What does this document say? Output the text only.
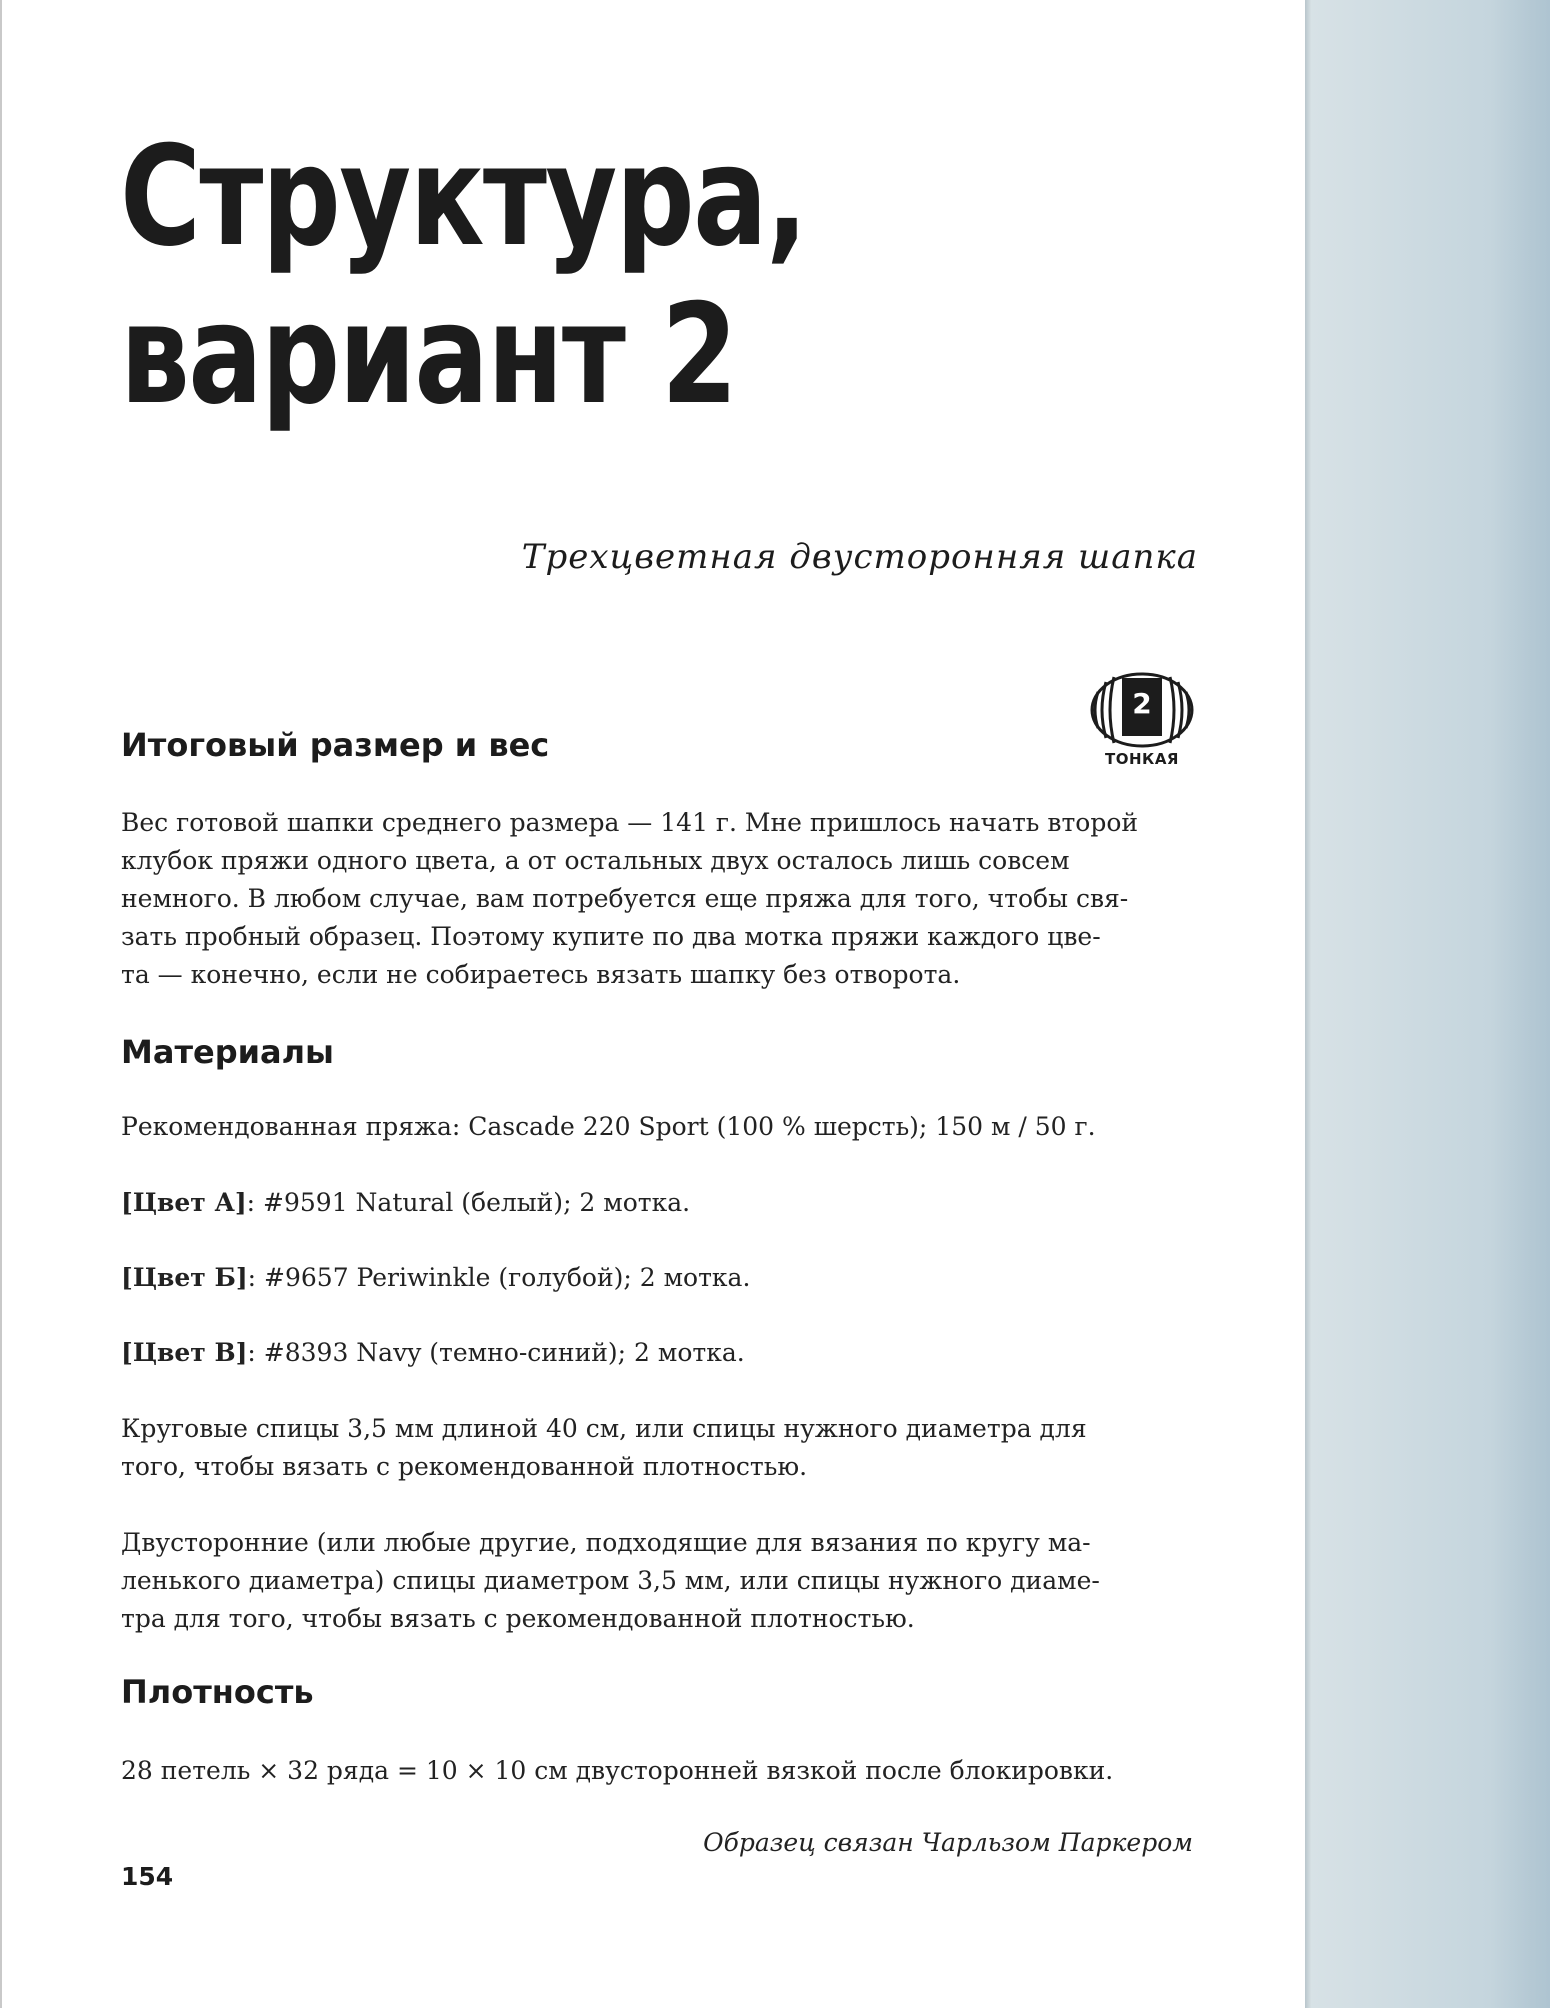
Структура,
вариант 2

Трехцветная двусторонняя шапка

2
ТОНКАЯ
Итоговый размер и вес

Вес готовой шапки среднего размера — 141 г. Мне пришлось начать второй
клубок пряжи одного цвета, а от остальных двух осталось лишь совсем
немного. В любом случае, вам потребуется еще пряжа для того, чтобы свя-
зать пробный образец. Поэтому купите по два мотка пряжи каждого цве-
та — конечно, если не собираетесь вязать шапку без отворота.

Материалы

Рекомендованная пряжа: Cascade 220 Sport (100 % шерсть); 150 м / 50 г.

[Цвет А]: #9591 Natural (белый); 2 мотка.

[Цвет Б]: #9657 Periwinkle (голубой); 2 мотка.

[Цвет В]: #8393 Navy (темно-синий); 2 мотка.

Круговые спицы 3,5 мм длиной 40 см, или спицы нужного диаметра для
того, чтобы вязать с рекомендованной плотностью.

Двусторонние (или любые другие, подходящие для вязания по кругу ма-
ленького диаметра) спицы диаметром 3,5 мм, или спицы нужного диаме-
тра для того, чтобы вязать с рекомендованной плотностью.

Плотность

28 петель × 32 ряда = 10 × 10 см двусторонней вязкой после блокировки.

Образец связан Чарльзом Паркером

154
